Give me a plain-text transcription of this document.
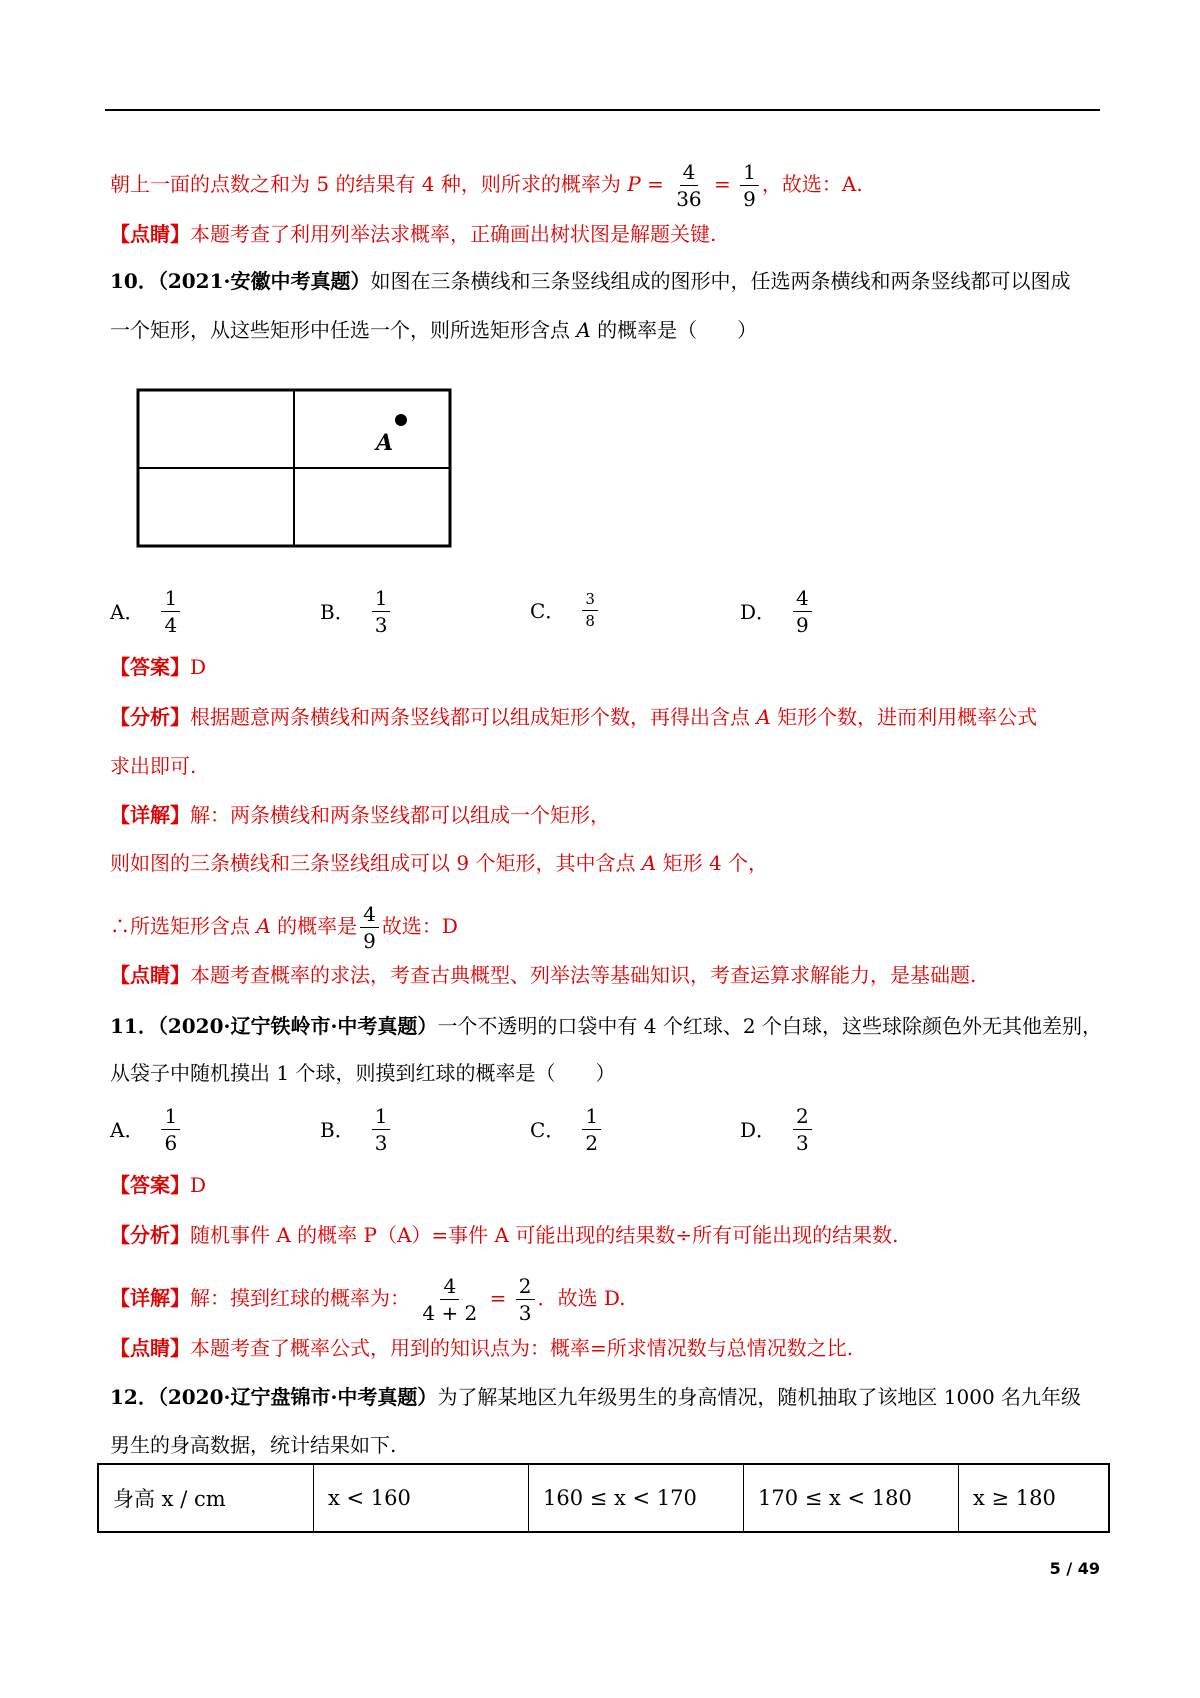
朝上一面的点数之和为 5 的结果有 4 种，则所求的概率为 $P = \frac{4}{36} = \frac{1}{9}$ ，故选：A.
【点睛】本题考查了利用列举法求概率，正确画出树状图是解题关键.
10．（2021·安徽中考真题）如图在三条横线和三条竖线组成的图形中，任选两条横线和两条竖线都可以图成
一个矩形，从这些矩形中任选一个，则所选矩形含点 A 的概率是（　　）
A
A． $\frac{1}{4}$	B． $\frac{1}{3}$	C． $\frac{3}{8}$	D． $\frac{4}{9}$
【答案】D
【分析】根据题意两条横线和两条竖线都可以组成矩形个数，再得出含点 A 矩形个数，进而利用概率公式
求出即可.
【详解】解：两条横线和两条竖线都可以组成一个矩形，
则如图的三条横线和三条竖线组成可以 9 个矩形，其中含点 A 矩形 4 个，
∴所选矩形含点 A 的概率是 $\frac{4}{9}$ 故选：D
【点睛】本题考查概率的求法，考查古典概型、列举法等基础知识，考查运算求解能力，是基础题.
11．（2020·辽宁铁岭市·中考真题）一个不透明的口袋中有 4 个红球、2 个白球，这些球除颜色外无其他差别，
从袋子中随机摸出 1 个球，则摸到红球的概率是（　　）
A． $\frac{1}{6}$	B． $\frac{1}{3}$	C． $\frac{1}{2}$	D． $\frac{2}{3}$
【答案】D
【分析】随机事件 A 的概率 P（A）=事件 A 可能出现的结果数÷所有可能出现的结果数.
【详解】解：摸到红球的概率为： $\frac{4}{4 + 2} = \frac{2}{3}$ ．故选 D.
【点睛】本题考查了概率公式，用到的知识点为：概率=所求情况数与总情况数之比.
12．（2020·辽宁盘锦市·中考真题）为了解某地区九年级男生的身高情况，随机抽取了该地区 1000 名九年级
男生的身高数据，统计结果如下.
身高 x / cm	x < 160	160 ≤ x < 170	170 ≤ x < 180	x ≥ 180
5 / 49
